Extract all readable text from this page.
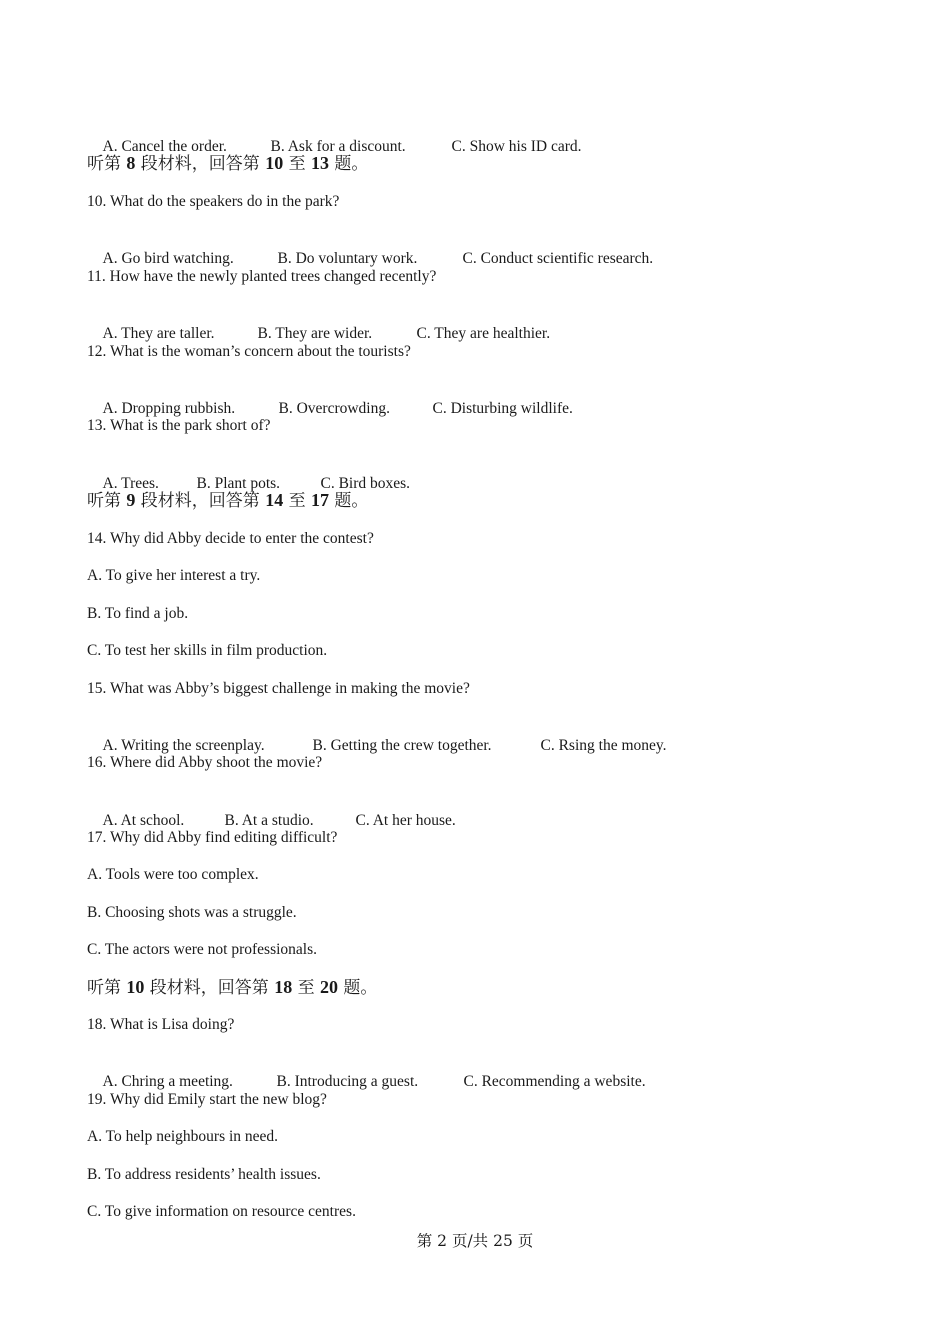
A. Cancel the order.	B. Ask for a discount.	C. Show his ID card.

听第 8 段材料，回答第 10 至 13 题。
10. What do the speakers do in the park?

A. Go bird watching.	B. Do voluntary work.	C. Conduct scientific research.

11. How have the newly planted trees changed recently?

A. They are taller.	B. They are wider.	C. They are healthier.

12. What is the woman’s concern about the tourists?

A. Dropping rubbish.	B. Overcrowding.	C. Disturbing wildlife.

13. What is the park short of?

A. Trees. B. Plant pots.	C. Bird boxes.

听第 9 段材料，回答第 14 至 17 题。
14. Why did Abby decide to enter the contest?
A. To give her interest a try.
B. To find a job.
C. To test her skills in film production.
15. What was Abby’s biggest challenge in making the movie?

A. Writing the screenplay.	B. Getting the crew together.	C. Rsing the money.

16. Where did Abby shoot the movie?

A. At school.	B. At a studio.	C. At her house.

17. Why did Abby find editing difficult?
A. Tools were too complex.
B. Choosing shots was a struggle.
C. The actors were not professionals.
听第 10 段材料，回答第 18 至 20 题。
18. What is Lisa doing?

A. Chring a meeting.	B. Introducing a guest.	C. Recommending a website.

19. Why did Emily start the new blog?
A. To help neighbours in need.
B. To address residents’ health issues.
C. To give information on resource centres.
第 2 页/共 25 页
